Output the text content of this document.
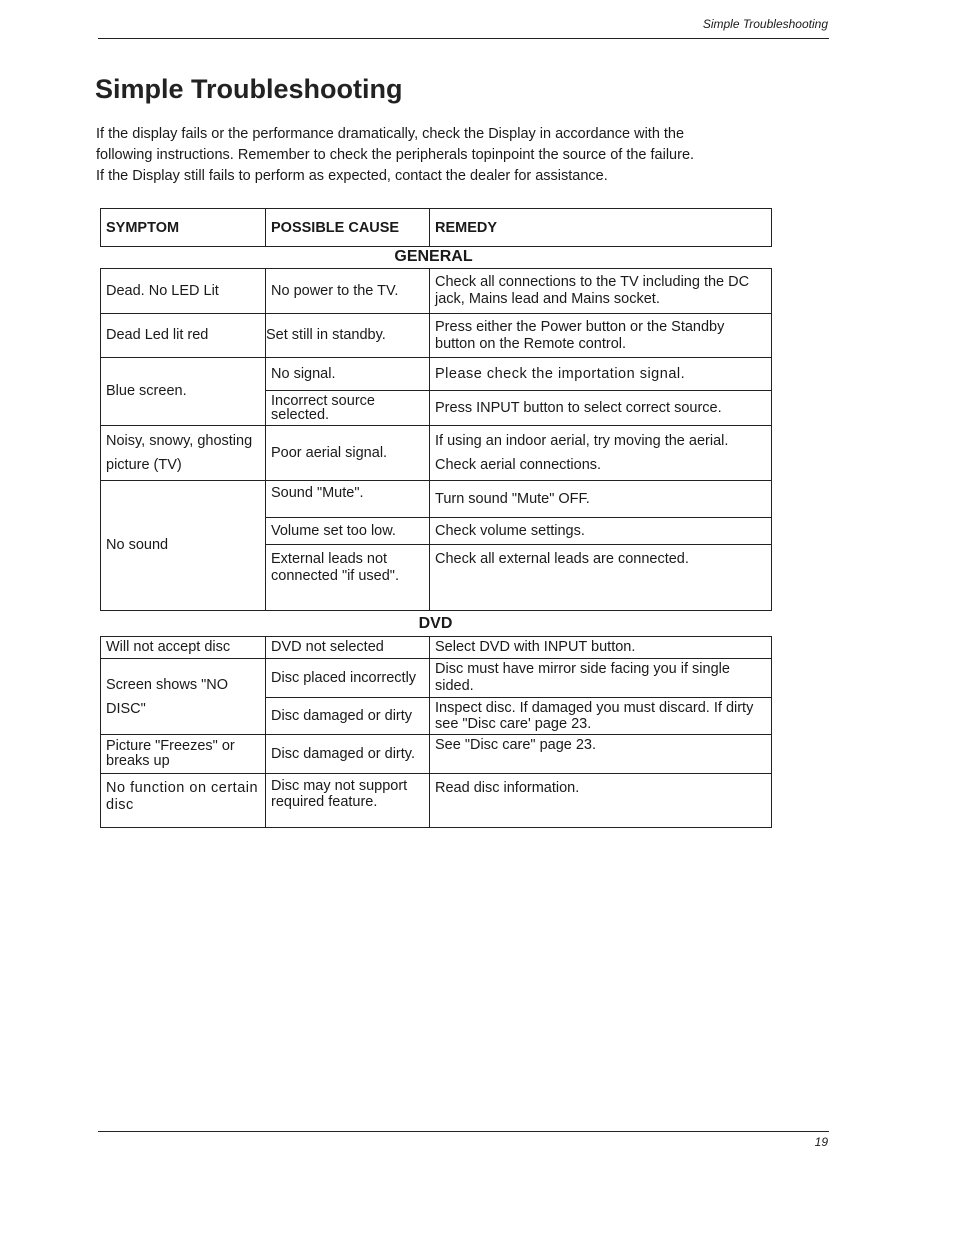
Simple Troubleshooting
Simple Troubleshooting
If the display fails or the performance dramatically, check the Display in accordance with the
following instructions. Remember to check the peripherals topinpoint the source of the failure.
If the Display still fails to perform as expected, contact the dealer for assistance.
SYMPTOM	POSSIBLE CAUSE	REMEDY
GENERAL
Dead. No LED Lit	No power to the TV.	Check all connections to the TV including the DC jack, Mains lead and Mains socket.
Dead Led lit red	Set still in standby.	Press either the Power button or the Standby button on the Remote control.
Blue screen.	No signal.	Please check the importation signal.
	Incorrect source selected.	Press INPUT button to select correct source.
Noisy, snowy, ghosting picture (TV)	Poor aerial signal.	If using an indoor aerial, try moving the aerial. Check aerial connections.
No sound	Sound "Mute".	Turn sound "Mute" OFF.
	Volume set too low.	Check volume settings.
	External leads not connected "if used".	Check all external leads are connected.
DVD
Will not accept disc	DVD not selected	Select DVD with INPUT button.
Screen shows "NO DISC"	Disc placed incorrectly	Disc must have mirror side facing you if single sided.
	Disc damaged or dirty	Inspect disc. If damaged you must discard. If dirty see "Disc care' page 23.
Picture "Freezes" or breaks up	Disc damaged or dirty.	See "Disc care" page 23.
No function on certain disc	Disc may not support required feature.	Read disc information.
19
